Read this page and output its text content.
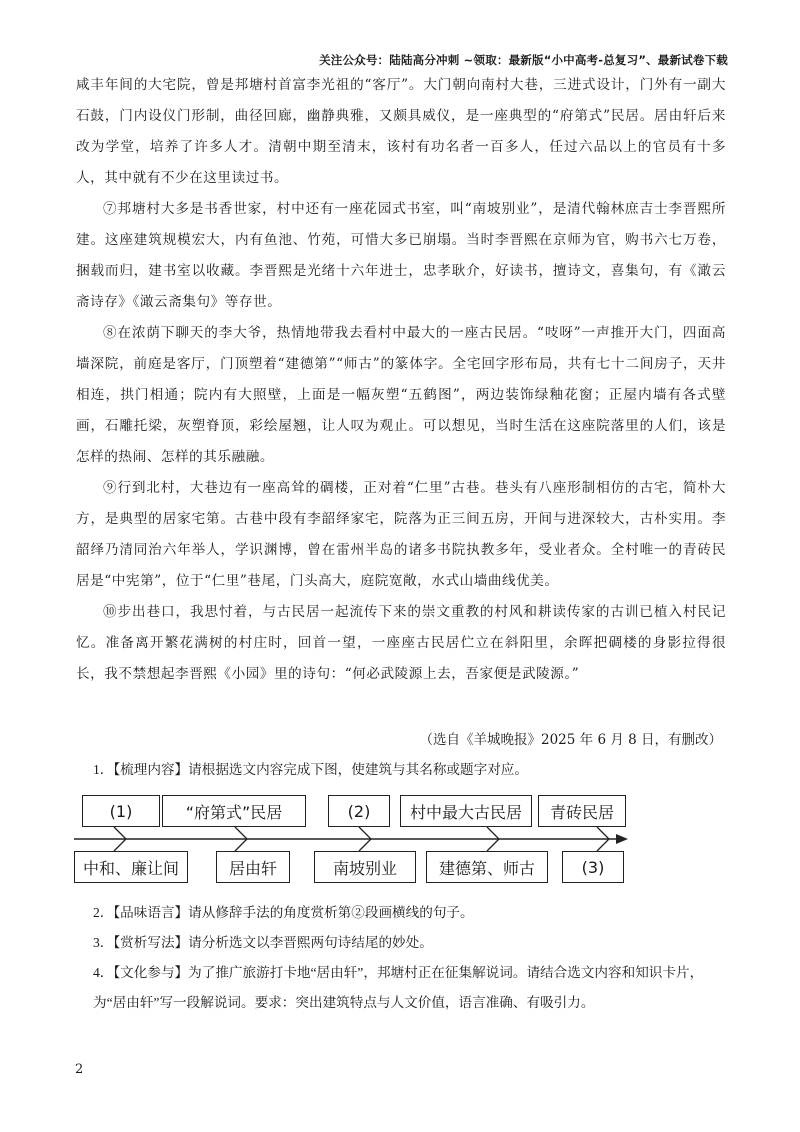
关注公众号：陆陆高分冲刺 ~领取：最新版“小中高考-总复习”、最新试卷下载

咸丰年间的大宅院，曾是邦塘村首富李光祖的“客厅”。大门朝向南村大巷，三进式设计，门外有一副大石鼓，门内设仪门形制，曲径回廊，幽静典雅，又颇具威仪，是一座典型的“府第式”民居。居由轩后来改为学堂，培养了许多人才。清朝中期至清末，该村有功名者一百多人，任过六品以上的官员有十多人，其中就有不少在这里读过书。

⑦邦塘村大多是书香世家，村中还有一座花园式书室，叫“南坡别业”，是清代翰林庶吉士李晋熙所建。这座建筑规模宏大，内有鱼池、竹苑，可惜大多已崩塌。当时李晋熙在京师为官，购书六七万卷，捆载而归，建书室以收藏。李晋熙是光绪十六年进士，忠孝耿介，好读书，擅诗文，喜集句，有《澉云斋诗存》《澉云斋集句》等存世。

⑧在浓荫下聊天的李大爷，热情地带我去看村中最大的一座古民居。“吱呀”一声推开大门，四面高墙深院，前庭是客厅，门顶塑着“建德第”“师古”的篆体字。全宅回字形布局，共有七十二间房子，天井相连，拱门相通；院内有大照壁，上面是一幅灰塑“五鹤图”，两边装饰绿釉花窗；正屋内墙有各式壁画，石雕托梁，灰塑脊顶，彩绘屋翘，让人叹为观止。可以想见，当时生活在这座院落里的人们，该是怎样的热闹、怎样的其乐融融。

⑨行到北村，大巷边有一座高耸的碉楼，正对着“仁里”古巷。巷头有八座形制相仿的古宅，简朴大方，是典型的居家宅第。古巷中段有李韶绎家宅，院落为正三间五房，开间与进深较大，古朴实用。李韶绎乃清同治六年举人，学识渊博，曾在雷州半岛的诸多书院执教多年，受业者众。全村唯一的青砖民居是“中宪第”，位于“仁里”巷尾，门头高大，庭院宽敞，水式山墙曲线优美。

⑩步出巷口，我思忖着，与古民居一起流传下来的崇文重教的村风和耕读传家的古训已植入村民记忆。准备离开繁花满树的村庄时，回首一望，一座座古民居伫立在斜阳里，余晖把碉楼的身影拉得很长，我不禁想起李晋熙《小园》里的诗句：“何必武陵源上去，吾家便是武陵源。”

（选自《羊城晚报》2025 年 6 月 8 日，有删改）
1．【梳理内容】请根据选文内容完成下图，使建筑与其名称或题字对应。
(1)	“府第式”民居	(2)	村中最大古民居	青砖民居
中和、廉让间	居由轩	南坡别业	建德第、师古	(3)
2．【品味语言】请从修辞手法的角度赏析第②段画横线的句子。
3．【赏析写法】请分析选文以李晋熙两句诗结尾的妙处。
4．【文化参与】为了推广旅游打卡地“居由轩”，邦塘村正在征集解说词。请结合选文内容和知识卡片，为“居由轩”写一段解说词。要求：突出建筑特点与人文价值，语言准确、有吸引力。
2
